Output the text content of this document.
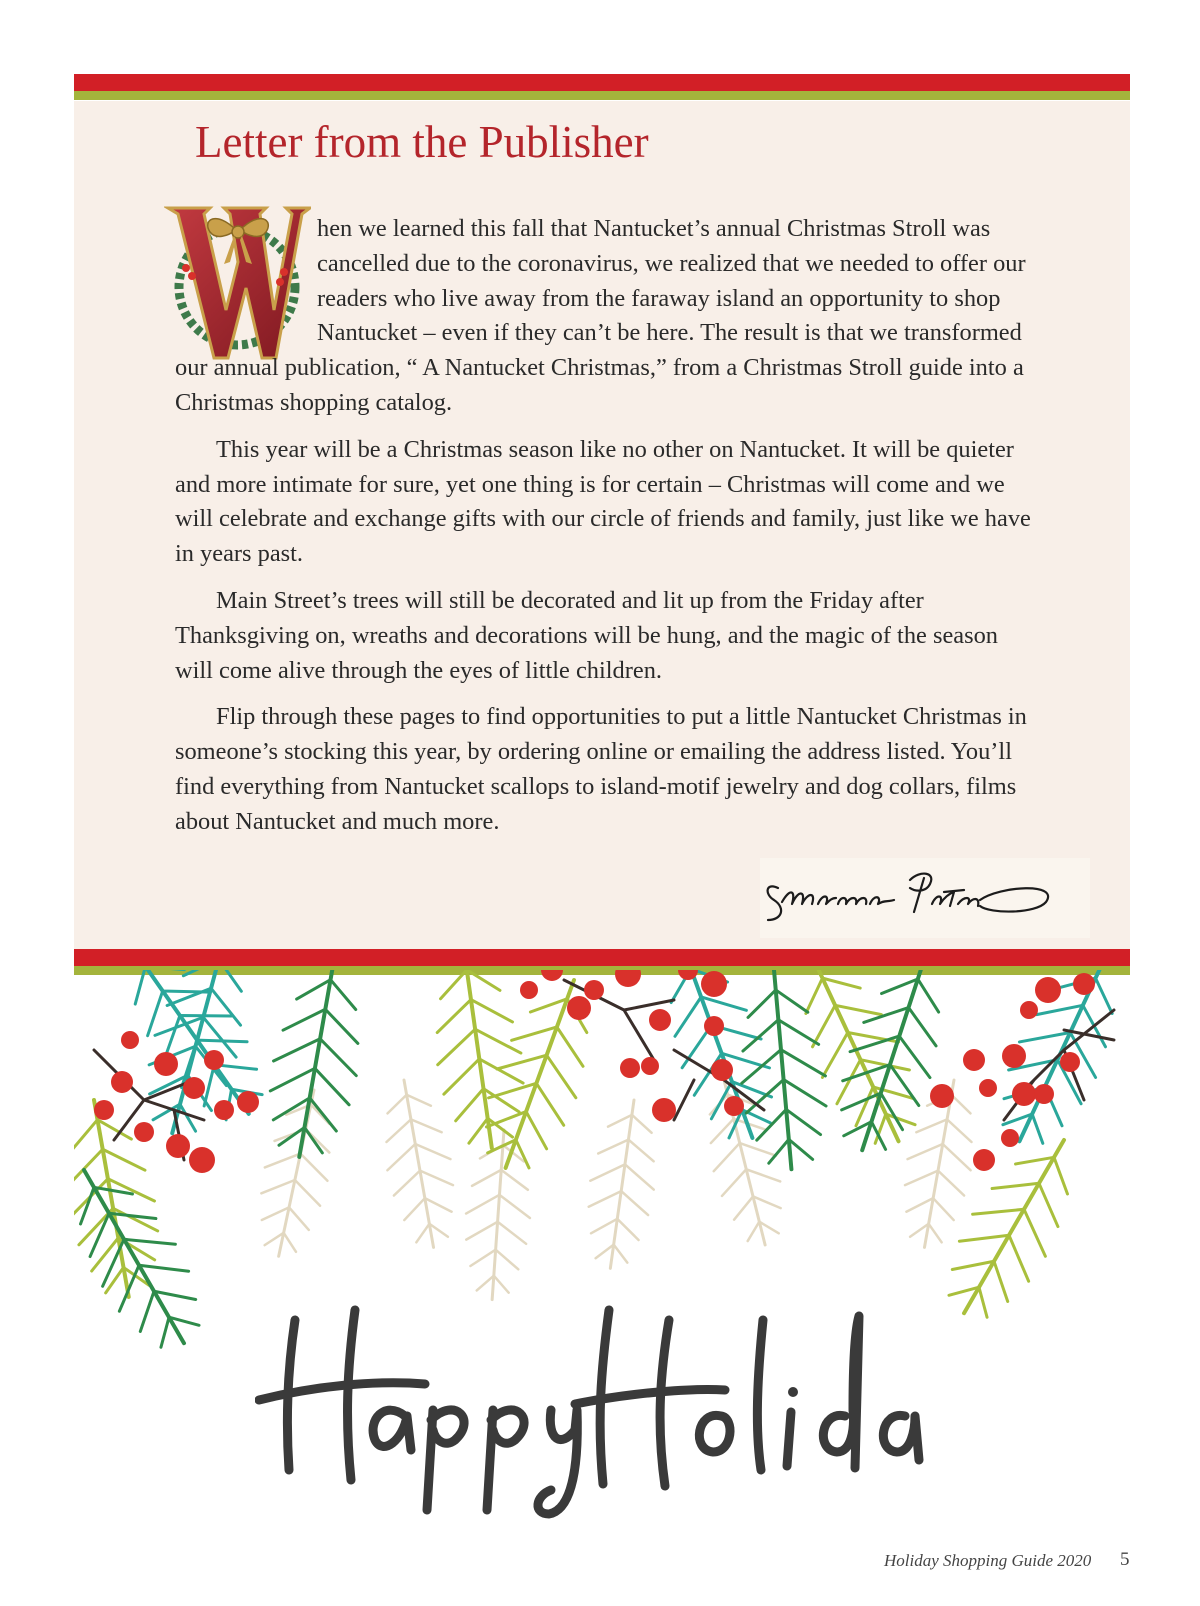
Letter from the Publisher

hen we learned this fall that Nantucket’s annual Christmas Stroll was cancelled due to the coronavirus, we realized that we needed to offer our readers who live away from the faraway island an opportunity to shop Nantucket – even if they can’t be here. The result is that we transformed our annual publication, “ A Nantucket Christmas,” from a Christmas Stroll guide into a Christmas shopping catalog.

This year will be a Christmas season like no other on Nantucket. It will be quieter and more intimate for sure, yet one thing is for certain – Christmas will come and we will celebrate and exchange gifts with our circle of friends and family, just like we have in years past.

Main Street’s trees will still be decorated and lit up from the Friday after Thanksgiving on, wreaths and decorations will be hung, and the magic of the season will come alive through the eyes of little children.

Flip through these pages to find opportunities to put a little Nantucket Christmas in someone’s stocking this year, by ordering online or emailing the address listed. You’ll find everything from Nantucket scallops to island-motif jewelry and dog collars, films about Nantucket and much more.

Holiday Shopping Guide 2020 5
